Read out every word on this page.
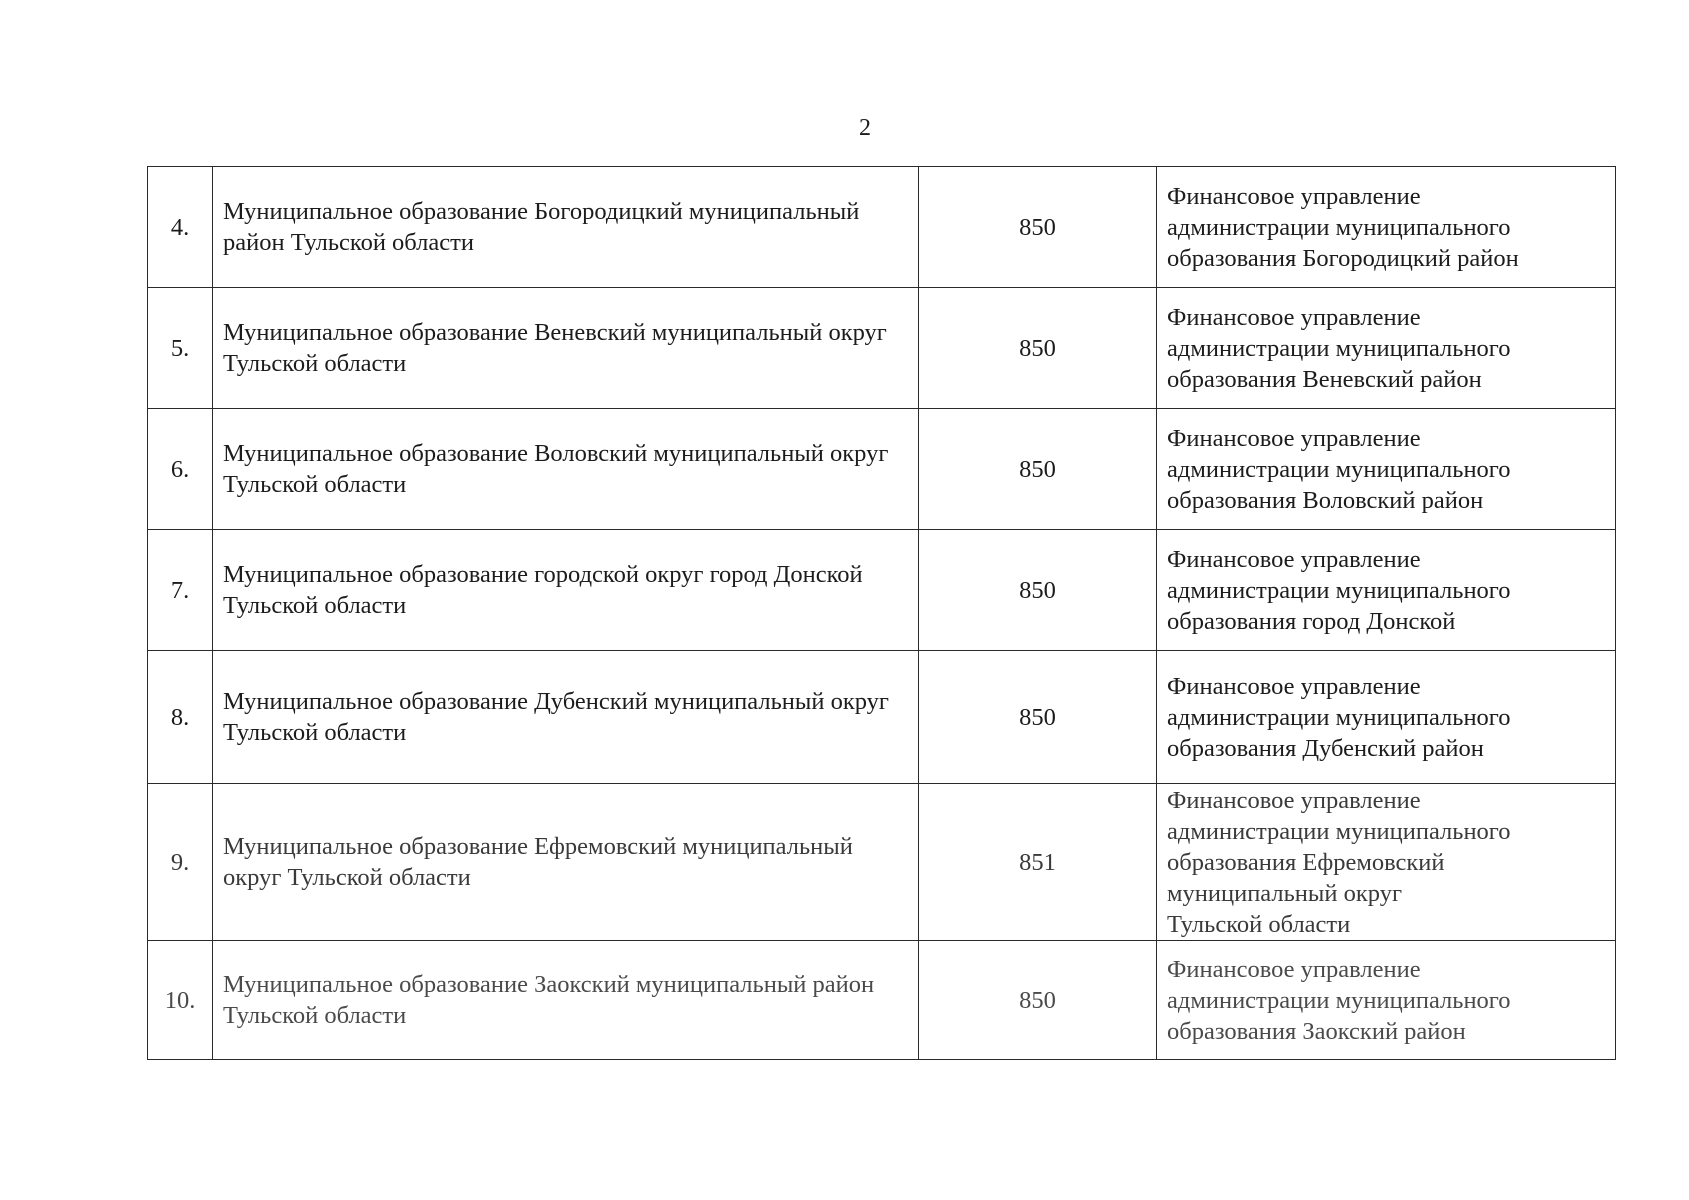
2
4.	Муниципальное образование Богородицкий муниципальный район Тульской области	850	Финансовое управление
администрации муниципального
образования Богородицкий район
5.	Муниципальное образование Веневский муниципальный округ Тульской области	850	Финансовое управление
администрации муниципального
образования Веневский район
6.	Муниципальное образование Воловский муниципальный округ Тульской области	850	Финансовое управление
администрации муниципального
образования Воловский район
7.	Муниципальное образование городской округ город Донской Тульской области	850	Финансовое управление
администрации муниципального
образования город Донской
8.	Муниципальное образование Дубенский муниципальный округ Тульской области	850	Финансовое управление
администрации муниципального
образования Дубенский район
9.	Муниципальное образование Ефремовский муниципальный округ Тульской области	851	Финансовое управление
администрации муниципального
образования Ефремовский
муниципальный округ
Тульской области
10.	Муниципальное образование Заокский муниципальный район Тульской области	850	Финансовое управление
администрации муниципального
образования Заокский район
